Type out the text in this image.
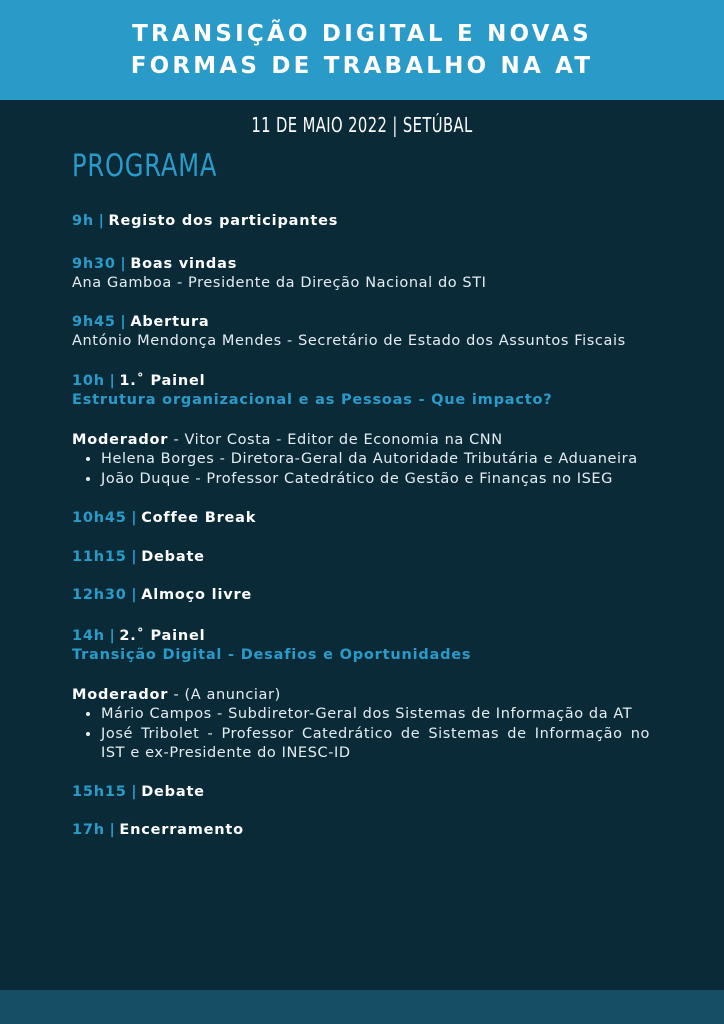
TRANSIÇÃO DIGITAL E NOVAS
FORMAS DE TRABALHO NA AT
11 DE MAIO 2022 | SETÚBAL
PROGRAMA
9h | Registo dos participantes
9h30 | Boas vindas
Ana Gamboa - Presidente da Direção Nacional do STI
9h45 | Abertura
António Mendonça Mendes - Secretário de Estado dos Assuntos Fiscais
10h | 1.˚ Painel
Estrutura organizacional e as Pessoas - Que impacto?
Moderador - Vitor Costa - Editor de Economia na CNN
• Helena Borges - Diretora-Geral da Autoridade Tributária e Aduaneira
• João Duque - Professor Catedrático de Gestão e Finanças no ISEG
10h45 | Coffee Break
11h15 | Debate
12h30 | Almoço livre
14h | 2.˚ Painel
Transição Digital - Desafios e Oportunidades
Moderador - (A anunciar)
• Mário Campos - Subdiretor-Geral dos Sistemas de Informação da AT
• José Tribolet - Professor Catedrático de Sistemas de Informação no IST e ex-Presidente do INESC-ID
15h15 | Debate
17h | Encerramento
